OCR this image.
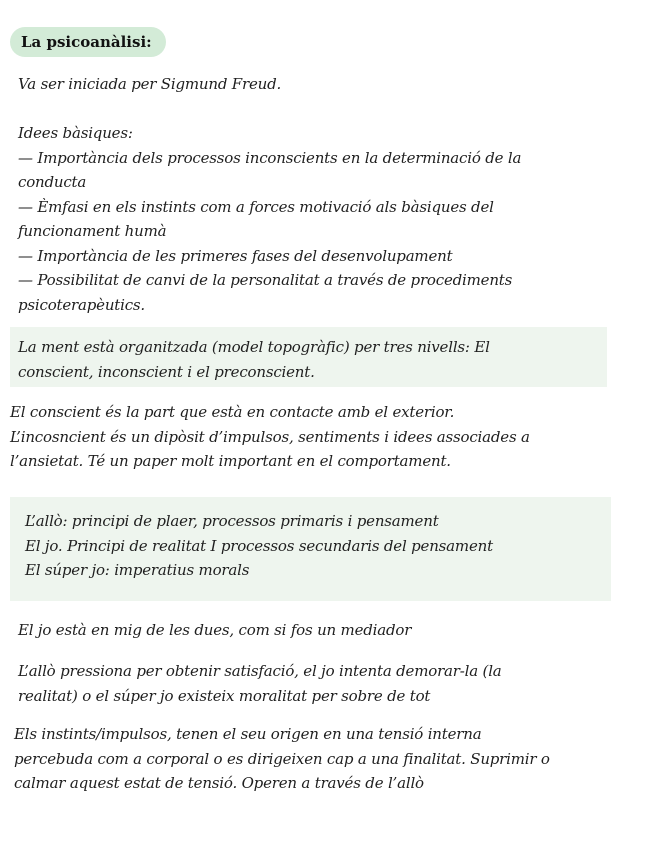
La psicoanàlisi:
Va ser iniciada per Sigmund Freud.
Idees bàsiques:
— Importància dels processos inconscients en la determinació de la
conducta
— Èmfasi en els instints com a forces motivació als bàsiques del
funcionament humà
— Importància de les primeres fases del desenvolupament
— Possibilitat de canvi de la personalitat a través de procediments
psicoterapèutics.
La ment està organitzada (model topogràfic) per tres nivells: El
conscient, inconscient i el preconscient.
El conscient és la part que està en contacte amb el exterior.
L’incosncient és un dipòsit d’impulsos, sentiments i idees associades a
l’ansietat. Té un paper molt important en el comportament.
L’allò: principi de plaer, processos primaris i pensament
El jo. Principi de realitat I processos secundaris del pensament
El súper jo: imperatius morals
El jo està en mig de les dues, com si fos un mediador
L’allò pressiona per obtenir satisfació, el jo intenta demorar-la (la
realitat) o el súper jo existeix moralitat per sobre de tot
Els instints/impulsos, tenen el seu origen en una tensió interna
percebuda com a corporal o es dirigeixen cap a una finalitat. Suprimir o
calmar aquest estat de tensió. Operen a través de l’allò
